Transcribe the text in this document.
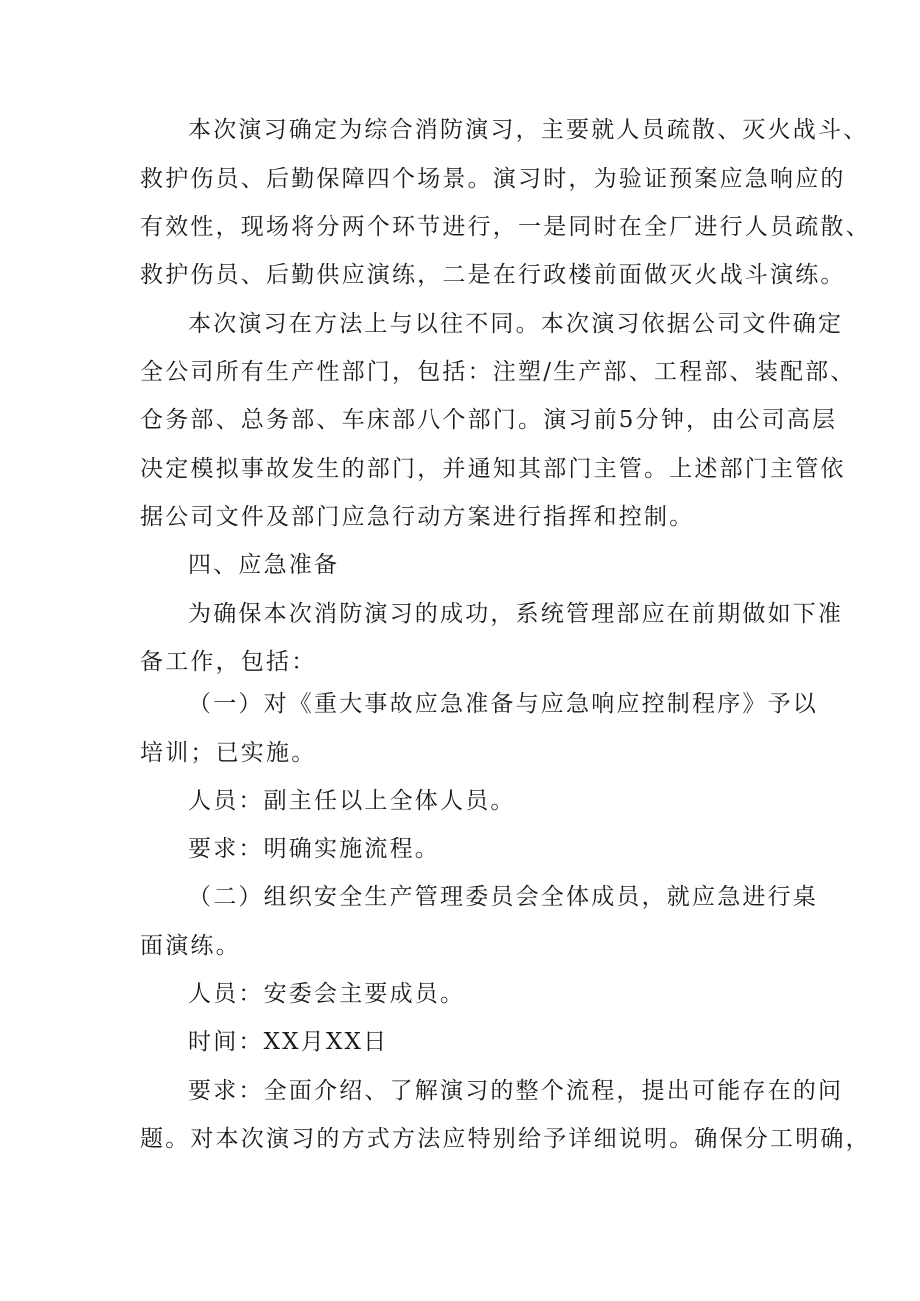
本次演习确定为综合消防演习，主要就人员疏散、灭火战斗、

救护伤员、后勤保障四个场景。演习时，为验证预案应急响应的

有效性，现场将分两个环节进行，一是同时在全厂进行人员疏散、

救护伤员、后勤供应演练，二是在行政楼前面做灭火战斗演练。

本次演习在方法上与以往不同。本次演习依据公司文件确定

全公司所有生产性部门，包括：注塑/生产部、工程部、装配部、

仓务部、总务部、车床部八个部门。演习前5分钟，由公司高层

决定模拟事故发生的部门，并通知其部门主管。上述部门主管依

据公司文件及部门应急行动方案进行指挥和控制。

四、应急准备

为确保本次消防演习的成功，系统管理部应在前期做如下准

备工作，包括：

（一）对《重大事故应急准备与应急响应控制程序》予以

培训；已实施。

人员：副主任以上全体人员。

要求：明确实施流程。

（二）组织安全生产管理委员会全体成员，就应急进行桌

面演练。

人员：安委会主要成员。

时间：XX月XX日

要求：全面介绍、了解演习的整个流程，提出可能存在的问

题。对本次演习的方式方法应特别给予详细说明。确保分工明确，
